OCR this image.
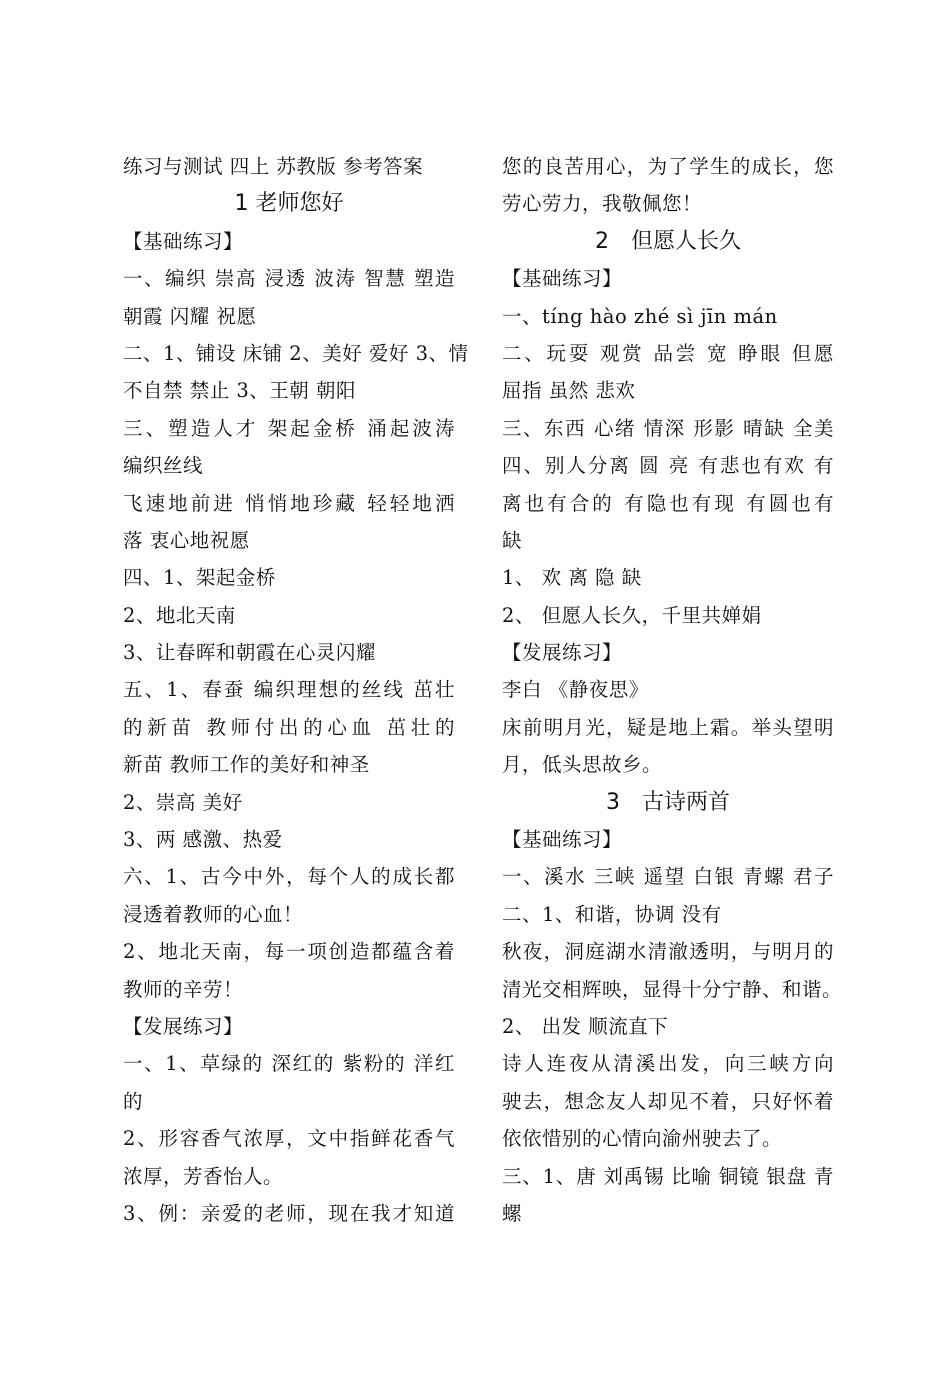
练习与测试 四上 苏教版 参考答案
1 老师您好
【基础练习】
一、编织 崇高 浸透 波涛 智慧 塑造
朝霞 闪耀 祝愿
二、1、铺设 床铺 2、美好 爱好 3、情
不自禁 禁止 3、王朝 朝阳
三、塑造人才 架起金桥 涌起波涛
编织丝线
飞速地前进 悄悄地珍藏 轻轻地洒
落 衷心地祝愿
四、1、架起金桥
2、地北天南
3、让春晖和朝霞在心灵闪耀
五、1、春蚕 编织理想的丝线 茁壮
的新苗 教师付出的心血 茁壮的
新苗 教师工作的美好和神圣
2、崇高 美好
3、两 感激、热爱
六、1、古今中外，每个人的成长都
浸透着教师的心血！
2、地北天南，每一项创造都蕴含着
教师的辛劳！
【发展练习】
一、1、草绿的 深红的 紫粉的 洋红
的
2、形容香气浓厚，文中指鲜花香气
浓厚，芳香怡人。
3、例：亲爱的老师，现在我才知道
您的良苦用心，为了学生的成长，您
劳心劳力，我敬佩您！
2　但愿人长久
【基础练习】
一、tíng hào zhé sì jīn mán
二、玩耍 观赏 品尝 宽 睁眼 但愿
屈指 虽然 悲欢
三、东西 心绪 情深 形影 晴缺 全美
四、别人分离 圆 亮 有悲也有欢 有
离也有合的 有隐也有现 有圆也有
缺
1、 欢 离 隐 缺
2、 但愿人长久，千里共婵娟
【发展练习】
李白 《静夜思》
床前明月光，疑是地上霜。举头望明
月，低头思故乡。
3　古诗两首
【基础练习】
一、溪水 三峡 遥望 白银 青螺 君子
二、1、和谐，协调 没有
秋夜，洞庭湖水清澈透明，与明月的
清光交相辉映，显得十分宁静、和谐。
2、 出发 顺流直下
诗人连夜从清溪出发，向三峡方向
驶去，想念友人却见不着，只好怀着
依依惜别的心情向渝州驶去了。
三、1、唐 刘禹锡 比喻 铜镜 银盘 青
螺
